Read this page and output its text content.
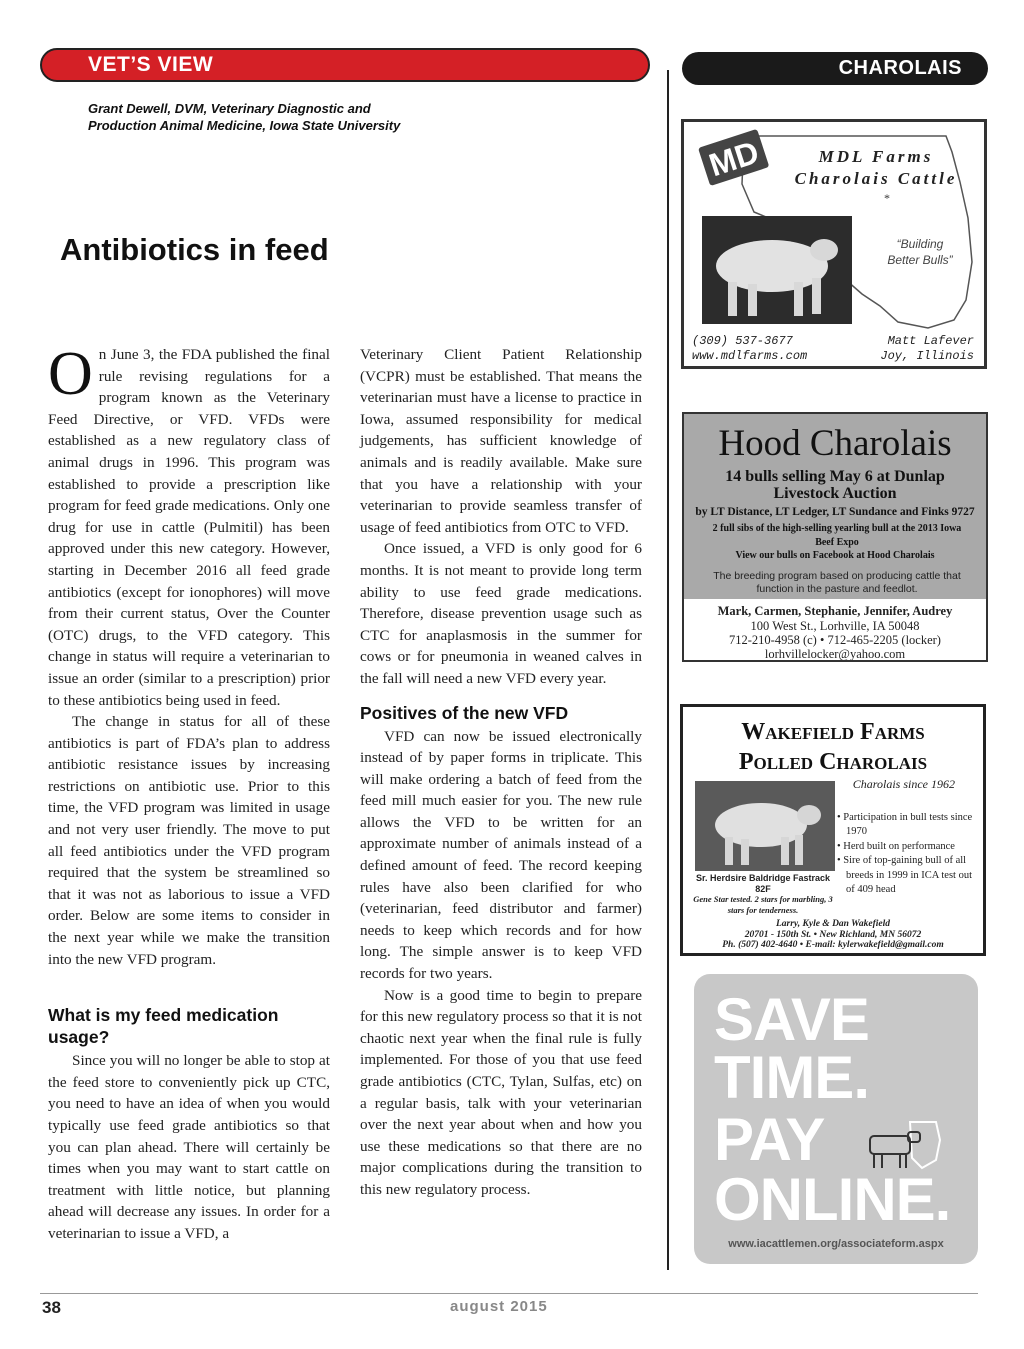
VET’S VIEW	CHAROLAIS
Grant Dewell, DVM, Veterinary Diagnostic and
Production Animal Medicine, Iowa State University
Antibiotics in feed

On June 3, the FDA published the final rule revising regulations for a program known as the Veterinary Feed Directive, or VFD. VFDs were established as a new regulatory class of animal drugs in 1996. This program was established to provide a prescription like program for feed grade medications. Only one drug for use in cattle (Pulmitil) has been approved under this new category. However, starting in December 2016 all feed grade antibiotics (except for ionophores) will move from their current status, Over the Counter (OTC) drugs, to the VFD category. This change in status will require a veterinarian to issue an order (similar to a prescription) prior to these antibiotics being used in feed.

The change in status for all of these antibiotics is part of FDA’s plan to address antibiotic resistance issues by increasing restrictions on antibiotic use. Prior to this time, the VFD program was limited in usage and not very user friendly. The move to put all feed antibiotics under the VFD program required that the system be streamlined so that it was not as laborious to issue a VFD order. Below are some items to consider in the next year while we make the transition into the new VFD program.

What is my feed medication usage?

Since you will no longer be able to stop at the feed store to conveniently pick up CTC, you need to have an idea of when you would typically use feed grade antibiotics so that you can plan ahead. There will certainly be times when you may want to start cattle on treatment with little notice, but planning ahead will decrease any issues. In order for a veterinarian to issue a VFD, a

Veterinary Client Patient Relationship (VCPR) must be established. That means the veterinarian must have a license to practice in Iowa, assumed responsibility for medical judgements, has sufficient knowledge of animals and is readily available. Make sure that you have a relationship with your veterinarian to provide seamless transfer of usage of feed antibiotics from OTC to VFD.

Once issued, a VFD is only good for 6 months. It is not meant to provide long term ability to use feed grade medications. Therefore, disease prevention usage such as CTC for anaplasmosis in the summer for cows or for pneumonia in weaned calves in the fall will need a new VFD every year.

Positives of the new VFD

VFD can now be issued electronically instead of by paper forms in triplicate. This will make ordering a batch of feed from the feed mill much easier for you. The new rule allows the VFD to be written for an approximate number of animals instead of a defined amount of feed. The record keeping rules have also been clarified for who (veterinarian, feed distributor and farmer) needs to keep which records and for how long. The simple answer is to keep VFD records for two years.

Now is a good time to begin to prepare for this new regulatory process so that it is not chaotic next year when the final rule is fully implemented. For those of you that use feed grade antibiotics (CTC, Tylan, Sulfas, etc) on a regular basis, talk with your veterinarian over the next year about when and how you use these medications so that there are no major complications during the transition to this new regulatory process.

MD
*
MDL Farms
Charolais Cattle
“Building
Better Bulls”
(309) 537-3677
www.mdlfarms.com
Matt Lafever
Joy, Illinois
Hood Charolais
14 bulls selling May 6 at Dunlap
Livestock Auction
by LT Distance, LT Ledger, LT Sundance and Finks 9727
2 full sibs of the high-selling yearling bull at the 2013 Iowa Beef Expo
View our bulls on Facebook at Hood Charolais
The breeding program based on producing cattle that function in the pasture and feedlot.
Mark, Carmen, Stephanie, Jennifer, Audrey
100 West St., Lorhville, IA 50048
712-210-4958 (c) • 712-465-2205 (locker)
lorhvillelocker@yahoo.com
Wakefield Farms
Polled Charolais
Charolais since 1962
• Participation in bull tests since 1970
• Herd built on performance
• Sire of top-gaining bull of all breeds in 1999 in ICA test out of 409 head
Sr. Herdsire Baldridge Fastrack 82F
Gene Star tested. 2 stars for marbling, 3 stars for tenderness.
Larry, Kyle & Dan Wakefield
20701 - 150th St. • New Richland, MN 56072
Ph. (507) 402-4640 • E-mail: kylerwakefield@gmail.com
SAVE
TIME.
PAY
ONLINE.
www.iacattlemen.org/associateform.aspx
38	august 2015
